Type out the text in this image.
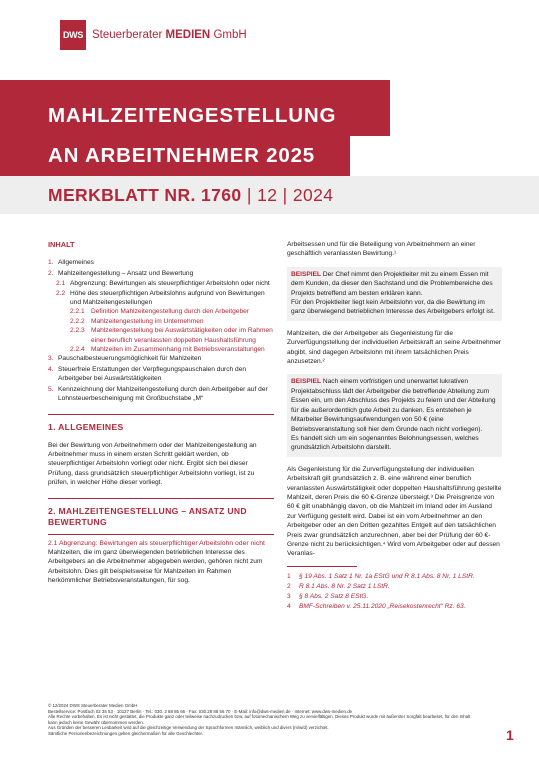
DWS Steuerberater MEDIEN GmbH
MAHLZEITENGESTELLUNG
AN ARBEITNEHMER 2025
MERKBLATT NR. 1760 | 12 | 2024
INHALT
1. Allgemeines
2. Mahlzeitengestellung – Ansatz und Bewertung
2.1 Abgrenzung: Bewirtungen als steuerpflichtiger Arbeitslohn oder nicht
2.2 Höhe des steuerpflichtigen Arbeitslohns aufgrund von Bewirtungen und Mahlzeitengestellungen
2.2.1 Definition Mahlzeitengestellung durch den Arbeitgeber
2.2.2 Mahlzeitengestellung im Unternehmen
2.2.3 Mahlzeitengestellung bei Auswärtstätigkeiten oder im Rahmen einer beruflich veranlassten doppelten Haushaltsführung
2.2.4 Mahlzeiten im Zusammenhang mit Betriebsveranstaltungen
3. Pauschalbesteuerungsmöglichkeit für Mahlzeiten
4. Steuerfreie Erstattungen der Verpflegungspauschalen durch den Arbeitgeber bei Auswärtstätigkeiten
5. Kennzeichnung der Mahlzeitengestellung durch den Arbeitgeber auf der Lohnsteuerbescheinigung mit Großbuchstabe „M“
1. ALLGEMEINES
Bei der Bewirtung von Arbeitnehmern oder der Mahlzeitengestellung an Arbeitnehmer muss in einem ersten Schritt geklärt werden, ob steuerpflichtiger Arbeitslohn vorliegt oder nicht. Ergibt sich bei dieser Prüfung, dass grundsätzlich steuerpflichtiger Arbeitslohn vorliegt, ist zu prüfen, in welcher Höhe dieser vorliegt.
2. MAHLZEITENGESTELLUNG – ANSATZ UND
BEWERTUNG
2.1 Abgrenzung: Bewirtungen als steuerpflichtiger Arbeitslohn oder nicht
Mahlzeiten, die im ganz überwiegenden betrieblichen Interesse des Arbeitgebers an die Arbeitnehmer abgegeben werden, gehören nicht zum Arbeitslohn. Dies gilt beispielsweise für Mahlzeiten im Rahmen herkömmlicher Betriebsveranstaltungen, für sog.
Arbeitsessen und für die Beteiligung von Arbeitnehmern an einer geschäftlich veranlassten Bewirtung.¹
BEISPIEL Der Chef nimmt den Projektleiter mit zu einem Essen mit dem Kunden, da dieser den Sachstand und die Problembereiche des Projekts betreffend am besten erklären kann.
Für den Projektleiter liegt kein Arbeitslohn vor, da die Bewirtung im ganz überwiegend betrieblichen Interesse des Arbeitgebers erfolgt ist.
Mahlzeiten, die der Arbeitgeber als Gegenleistung für die Zurverfügungstellung der individuellen Arbeitskraft an seine Arbeitnehmer abgibt, sind dagegen Arbeitslohn mit ihrem tatsächlichen Preis anzusetzen.²
BEISPIEL Nach einem vorfristigen und unerwartet lukrativen Projektabschluss lädt der Arbeitgeber die betreffende Abteilung zum Essen ein, um den Abschluss des Projekts zu feiern und der Abteilung für die außerordentlich gute Arbeit zu danken. Es entstehen je Mitarbeiter Bewirtungsaufwendungen von 50 € (eine Betriebsveranstaltung soll hier dem Grunde nach nicht vorliegen).
Es handelt sich um ein sogenanntes Belohnungsessen, welches grundsätzlich Arbeitslohn darstellt.
Als Gegenleistung für die Zurverfügungstellung der individuellen Arbeitskraft gilt grundsätzlich z. B. eine während einer beruflich veranlassten Auswärtstätigkeit oder doppelten Haushaltsführung gestellte Mahlzeit, deren Preis die 60 €-Grenze übersteigt.³ Die Preisgrenze von 60 € gilt unabhängig davon, ob die Mahlzeit im Inland oder im Ausland zur Verfügung gestellt wird. Dabei ist ein vom Arbeitnehmer an den Arbeitgeber oder an den Dritten gezahltes Entgelt auf den tatsächlichen Preis zwar grundsätzlich anzurechnen, aber bei der Prüfung der 60 €-Grenze nicht zu berücksichtigen.⁴ Wird vom Arbeitgeber oder auf dessen Veranlas-
1	§ 19 Abs. 1 Satz 1 Nr. 1a EStG und R 8.1 Abs. 8 Nr. 1 LStR.
2	R 8.1 Abs. 8 Nr. 2 Satz 1 LStR.
3	§ 8 Abs. 2 Satz 8 EStG.
4	BMF-Schreiben v. 25.11.2020 „Reisekostenrecht“ Rz. 63.
© 12/2024 DWS Steuerberater Medien GmbH
Bestellservice: Postfach 02 35 53 · 10127 Berlin · Tel.: 030. 2 88 85 66 · Fax: 030.28 88 56 70 · E-Mail: info@dws-medien.de · Internet: www.dws-medien.de
Alle Rechte vorbehalten. Es ist nicht gestattet, die Produkte ganz oder teilweise nachzudrucken bzw. auf fotomechanischem Weg zu vervielfältigen. Dieses Produkt wurde mit äußerster Sorgfalt bearbeitet, für den Inhalt kann jedoch keine Gewähr übernommen werden.
Aus Gründen der besseren Lesbarkeit wird auf die gleichzeitige Verwendung der Sprachformen männlich, weiblich und divers (m/w/d) verzichtet.
Sämtliche Personenbezeichnungen gelten gleichermaßen für alle Geschlechter.	1
